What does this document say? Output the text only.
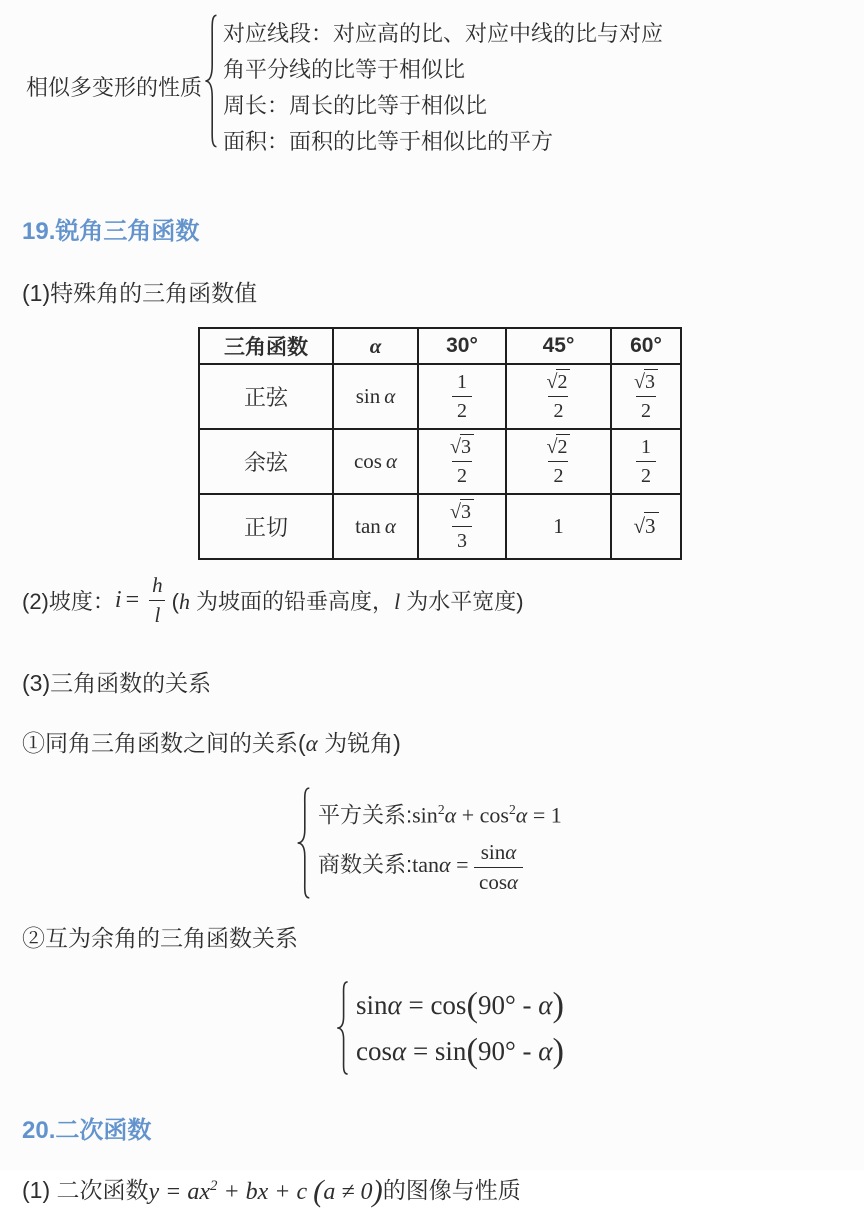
相似多变形的性质
对应线段：对应高的比、对应中线的比与对应
角平分线的比等于相似比
周长：周长的比等于相似比
面积：面积的比等于相似比的平方
19.锐角三角函数
(1)特殊角的三角函数值
三角函数	α	30°	45°	60°
正弦	sin α	$\frac{1}{2}$	$\frac{√2}{2}$	$\frac{√3}{2}$

余弦	cos α	$\frac{√3}{2}$	$\frac{√2}{2}$	$\frac{1}{2}$

正切	tan α	$\frac{√3}{3}$	1	√3
(2)坡度： $i = \frac{h}{l} (h$ 为坡面的铅垂高度，l 为水平宽度)
(3)三角函数的关系
①同角三角函数之间的关系(α 为锐角)
平方关系$:\sin^2\alpha + \cos^2\alpha = 1$
商数关系:tanα = $\frac{\sin\alpha}{\cos\alpha}$
②互为余角的三角函数关系
sinα = cos(90° - α)
cosα = sin(90° - α)
20.二次函数
(1) 二次函数 $y = ax^2$ + bx + c (a ≠ 0) 的图像与性质
